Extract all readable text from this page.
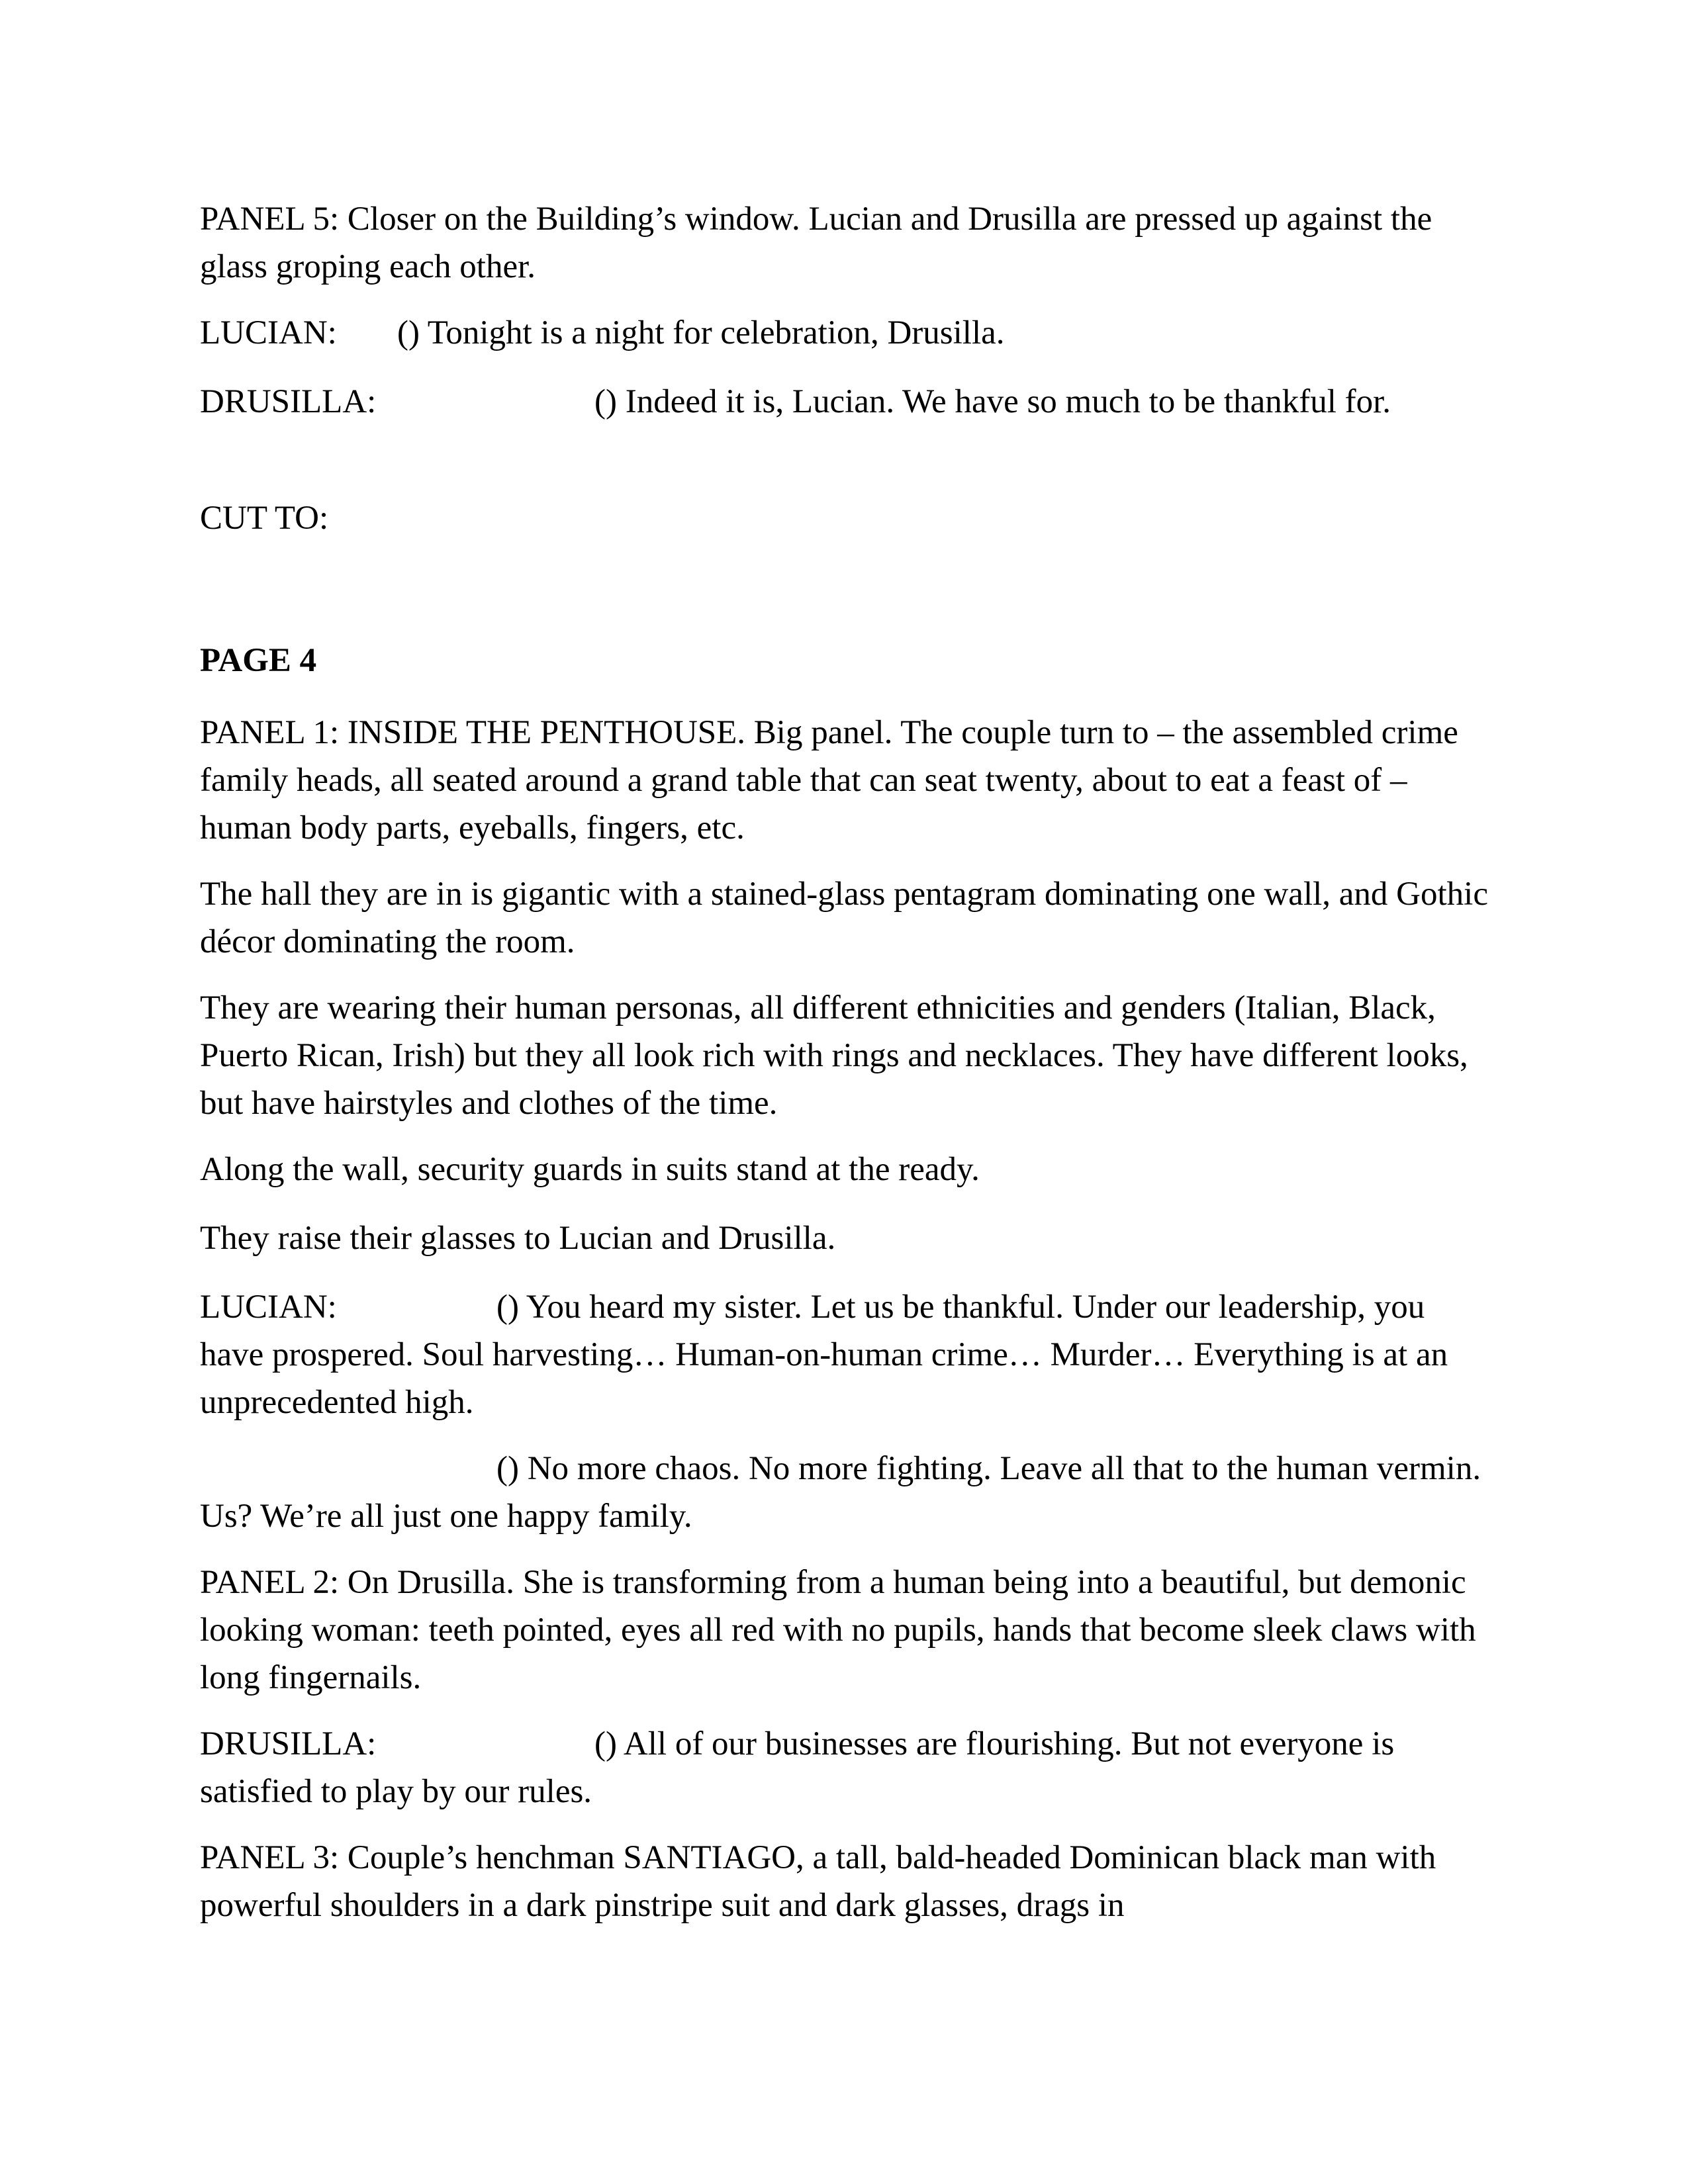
PANEL 5: Closer on the Building’s window. Lucian and Drusilla are pressed up against the glass groping each other.

LUCIAN: () Tonight is a night for celebration, Drusilla.

DRUSILLA:	() Indeed it is, Lucian. We have so much to be thankful for.

CUT TO:

PAGE 4

PANEL 1: INSIDE THE PENTHOUSE. Big panel. The couple turn to – the assembled crime family heads, all seated around a grand table that can seat twenty, about to eat a feast of – human body parts, eyeballs, fingers, etc.

The hall they are in is gigantic with a stained-glass pentagram dominating one wall, and Gothic décor dominating the room.

They are wearing their human personas, all different ethnicities and genders (Italian, Black, Puerto Rican, Irish) but they all look rich with rings and necklaces. They have different looks, but have hairstyles and clothes of the time.

Along the wall, security guards in suits stand at the ready.

They raise their glasses to Lucian and Drusilla.

LUCIAN:	() You heard my sister. Let us be thankful. Under our leadership, you have prospered. Soul harvesting… Human-on-human crime… Murder… Everything is at an unprecedented high.

() No more chaos. No more fighting. Leave all that to the human vermin. Us? We’re all just one happy family.

PANEL 2: On Drusilla. She is transforming from a human being into a beautiful, but demonic looking woman: teeth pointed, eyes all red with no pupils, hands that become sleek claws with long fingernails.

DRUSILLA:	() All of our businesses are flourishing. But not everyone is satisfied to play by our rules.

PANEL 3: Couple’s henchman SANTIAGO, a tall, bald-headed Dominican black man with powerful shoulders in a dark pinstripe suit and dark glasses, drags in
